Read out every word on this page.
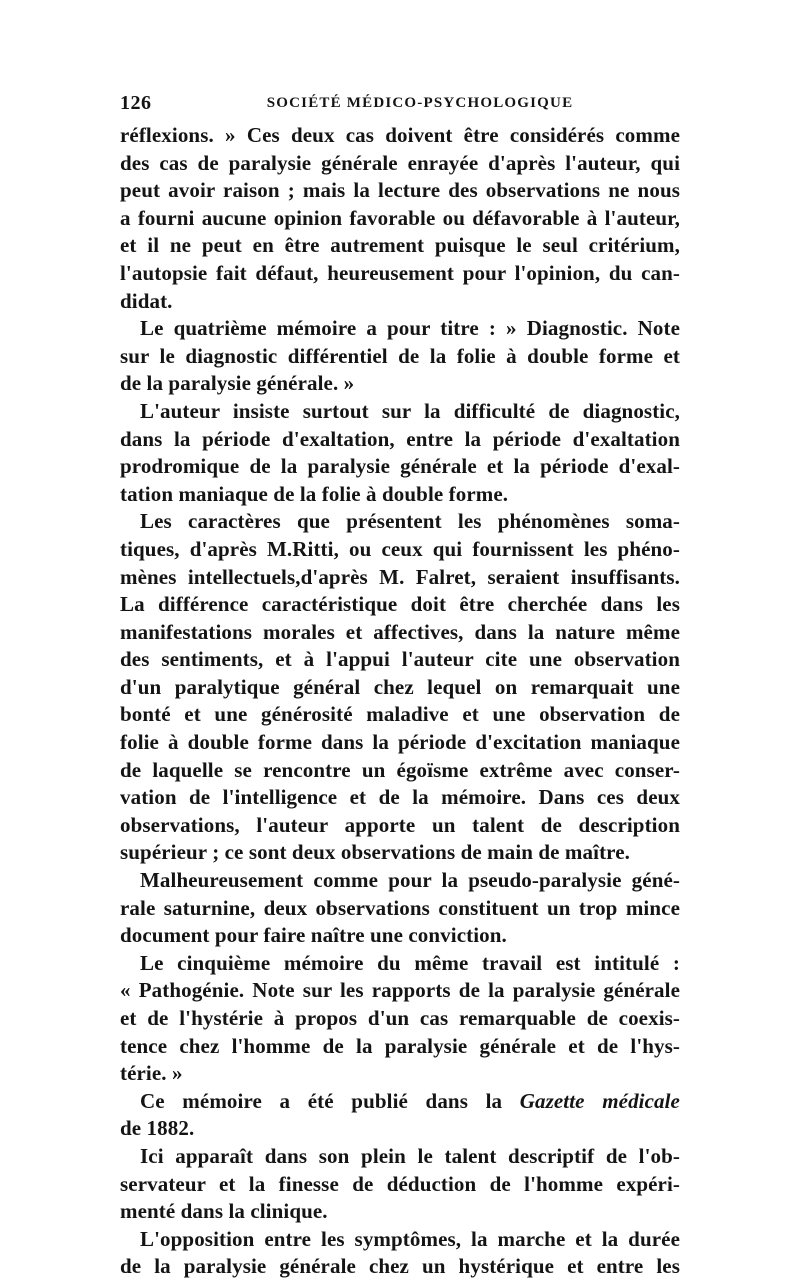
126	SOCIÉTÉ MÉDICO-PSYCHOLOGIQUE
réflexions. » Ces deux cas doivent être considérés comme
des cas de paralysie générale enrayée d'après l'auteur, qui
peut avoir raison ; mais la lecture des observations ne nous
a fourni aucune opinion favorable ou défavorable à l'auteur,
et il ne peut en être autrement puisque le seul critérium,
l'autopsie fait défaut, heureusement pour l'opinion, du can-
didat.
Le quatrième mémoire a pour titre : » Diagnostic. Note
sur le diagnostic différentiel de la folie à double forme et
de la paralysie générale. »
L'auteur insiste surtout sur la difficulté de diagnostic,
dans la période d'exaltation, entre la période d'exaltation
prodromique de la paralysie générale et la période d'exal-
tation maniaque de la folie à double forme.
Les caractères que présentent les phénomènes soma-
tiques, d'après M.Ritti, ou ceux qui fournissent les phéno-
mènes intellectuels,d'après M. Falret, seraient insuffisants.
La différence caractéristique doit être cherchée dans les
manifestations morales et affectives, dans la nature même
des sentiments, et à l'appui l'auteur cite une observation
d'un paralytique général chez lequel on remarquait une
bonté et une générosité maladive et une observation de
folie à double forme dans la période d'excitation maniaque
de laquelle se rencontre un égoïsme extrême avec conser-
vation de l'intelligence et de la mémoire. Dans ces deux
observations, l'auteur apporte un talent de description
supérieur ; ce sont deux observations de main de maître.
Malheureusement comme pour la pseudo-paralysie géné-
rale saturnine, deux observations constituent un trop mince
document pour faire naître une conviction.
Le cinquième mémoire du même travail est intitulé :
« Pathogénie. Note sur les rapports de la paralysie générale
et de l'hystérie à propos d'un cas remarquable de coexis-
tence chez l'homme de la paralysie générale et de l'hys-
térie. »
Ce mémoire a été publié dans la Gazette médicale
de 1882.
Ici apparaît dans son plein le talent descriptif de l'ob-
servateur et la finesse de déduction de l'homme expéri-
menté dans la clinique.
L'opposition entre les symptômes, la marche et la durée
de la paralysie générale chez un hystérique et entre les
